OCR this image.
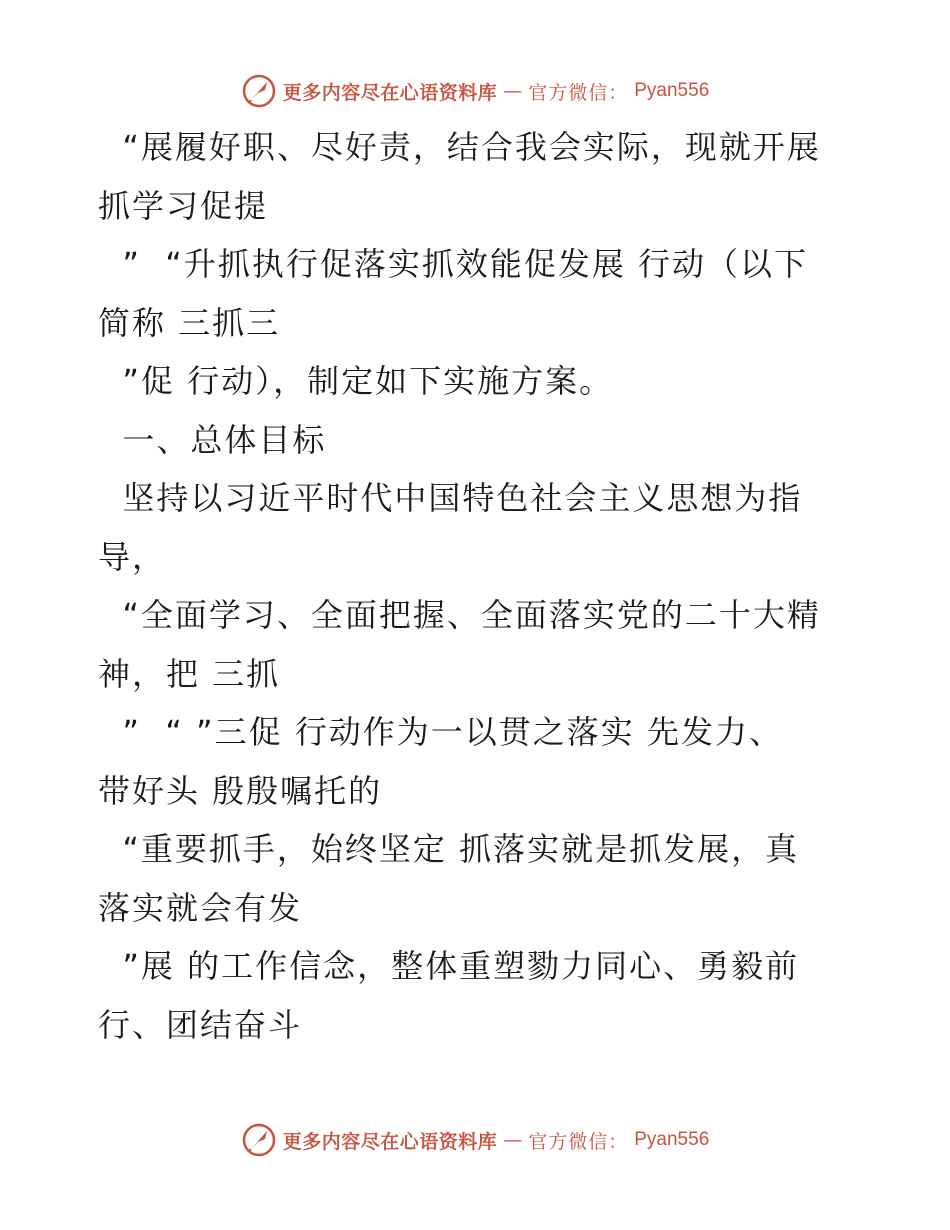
更多内容尽在心语资料库 — 官方微信： Pyan556
“展履好职、尽好责，结合我会实际，现就开展
抓学习促提
”  “升抓执行促落实抓效能促发展 行动（以下
简称 三抓三
”促 行动），制定如下实施方案。
一、总体目标
坚持以习近平时代中国特色社会主义思想为指
导，
“全面学习、全面把握、全面落实党的二十大精
神，把 三抓
”  “ ”三促 行动作为一以贯之落实 先发力、
带好头 殷殷嘱托的
“重要抓手，始终坚定 抓落实就是抓发展，真
落实就会有发
”展 的工作信念，整体重塑勠力同心、勇毅前
行、团结奋斗
更多内容尽在心语资料库 — 官方微信： Pyan556
